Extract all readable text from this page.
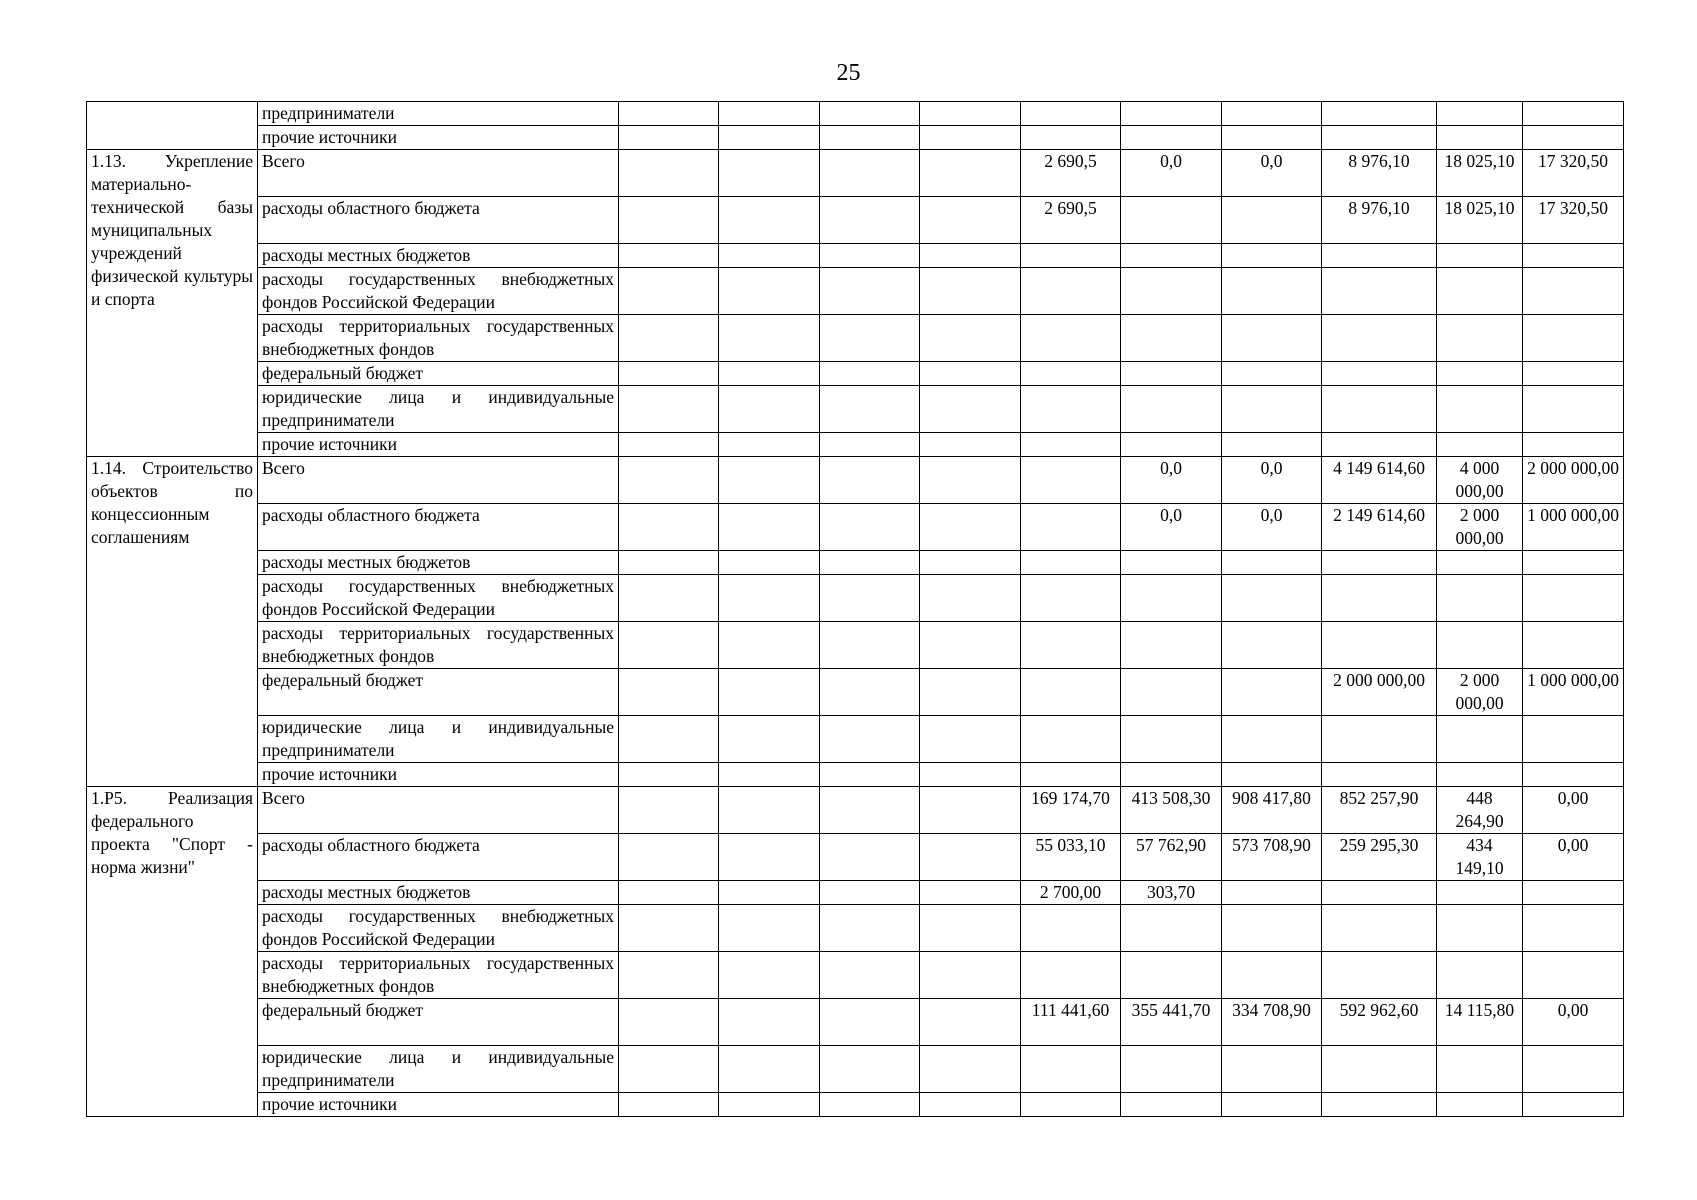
25
	предприниматели										
	прочие источники										
1.13. Укрепление материально-технической базы муниципальных учреждений физической культуры и спорта	Всего					2 690,5	0,0	0,0	8 976,10	18 025,10	17 320,50
	расходы областного бюджета					2 690,5			8 976,10	18 025,10	17 320,50
	расходы местных бюджетов										
	расходы государственных внебюджетных фондов Российской Федерации										
	расходы территориальных государственных внебюджетных фондов										
	федеральный бюджет										
	юридические лица и индивидуальные предприниматели										
	прочие источники										
1.14. Строительство объектов по концессионным соглашениям	Всего						0,0	0,0	4 149 614,60	4 000 000,00	2 000 000,00
	расходы областного бюджета						0,0	0,0	2 149 614,60	2 000 000,00	1 000 000,00
	расходы местных бюджетов										
	расходы государственных внебюджетных фондов Российской Федерации										
	расходы территориальных государственных внебюджетных фондов										
	федеральный бюджет								2 000 000,00	2 000 000,00	1 000 000,00
	юридические лица и индивидуальные предприниматели										
	прочие источники										
1.Р5. Реализация федерального проекта "Спорт - норма жизни"	Всего					169 174,70	413 508,30	908 417,80	852 257,90	448 264,90	0,00
	расходы областного бюджета					55 033,10	57 762,90	573 708,90	259 295,30	434 149,10	0,00
	расходы местных бюджетов					2 700,00	303,70				
	расходы государственных внебюджетных фондов Российской Федерации										
	расходы территориальных государственных внебюджетных фондов										
	федеральный бюджет					111 441,60	355 441,70	334 708,90	592 962,60	14 115,80	0,00
	юридические лица и индивидуальные предприниматели										
	прочие источники										
